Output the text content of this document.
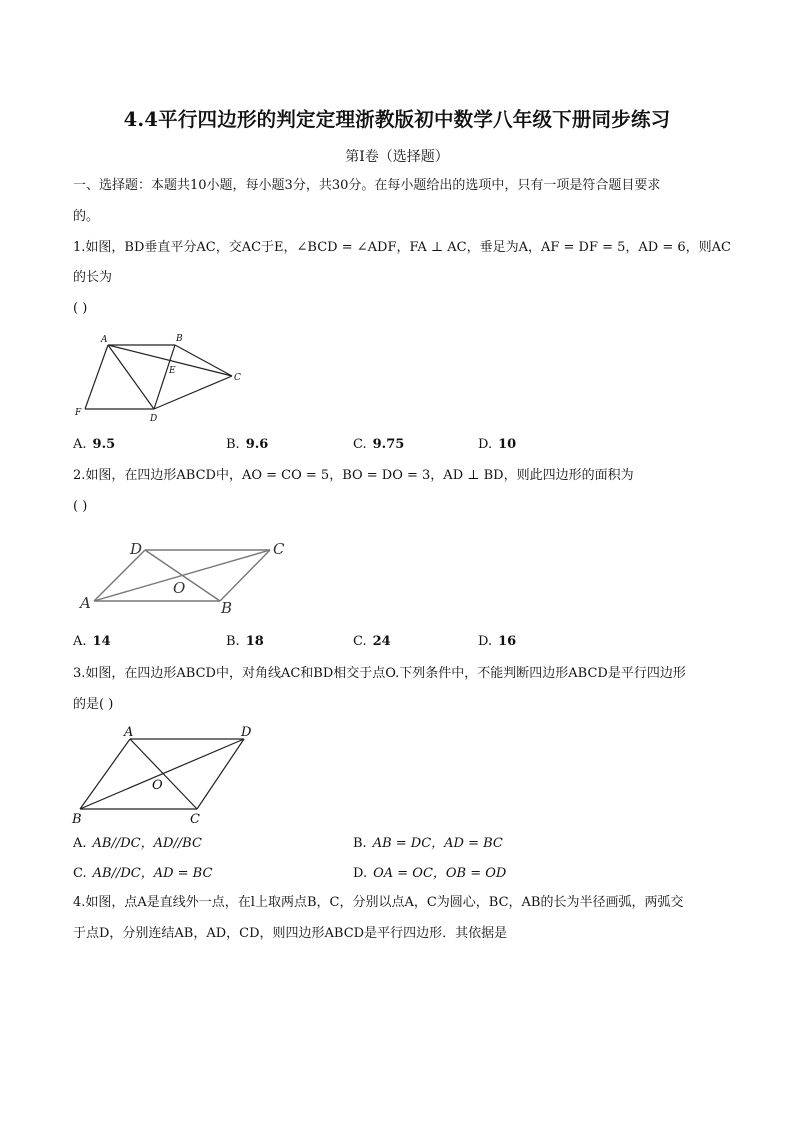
4.4平行四边形的判定定理浙教版初中数学八年级下册同步练习
第I卷（选择题）
一、选择题：本题共10小题，每小题3分，共30分。在每小题给出的选项中，只有一项是符合题目要求
的。
1.如图，BD垂直平分AC，交AC于E，∠BCD = ∠ADF，FA ⊥ AC，垂足为A，AF = DF = 5，AD = 6，则AC
的长为
( )
A	B
C
D
E
F
A. 9.5	B. 9.6	C. 9.75	D. 10
2.如图，在四边形ABCD中，AO = CO = 5，BO = DO = 3，AD ⊥ BD，则此四边形的面积为
( )
A	B
C
D
O
A. 14	B. 18	C. 24	D. 16
3.如图，在四边形ABCD中，对角线AC和BD相交于点O.下列条件中，不能判断四边形ABCD是平行四边形
的是( )
A
B	C
D
O
A. AB//DC，AD//BC	B. AB = DC，AD = BC
C. AB//DC，AD = BC	D. OA = OC，OB = OD
4.如图，点A是直线外一点，在l上取两点B，C，分别以点A，C为圆心，BC，AB的长为半径画弧，两弧交
于点D，分别连结AB，AD，CD，则四边形ABCD是平行四边形．其依据是
